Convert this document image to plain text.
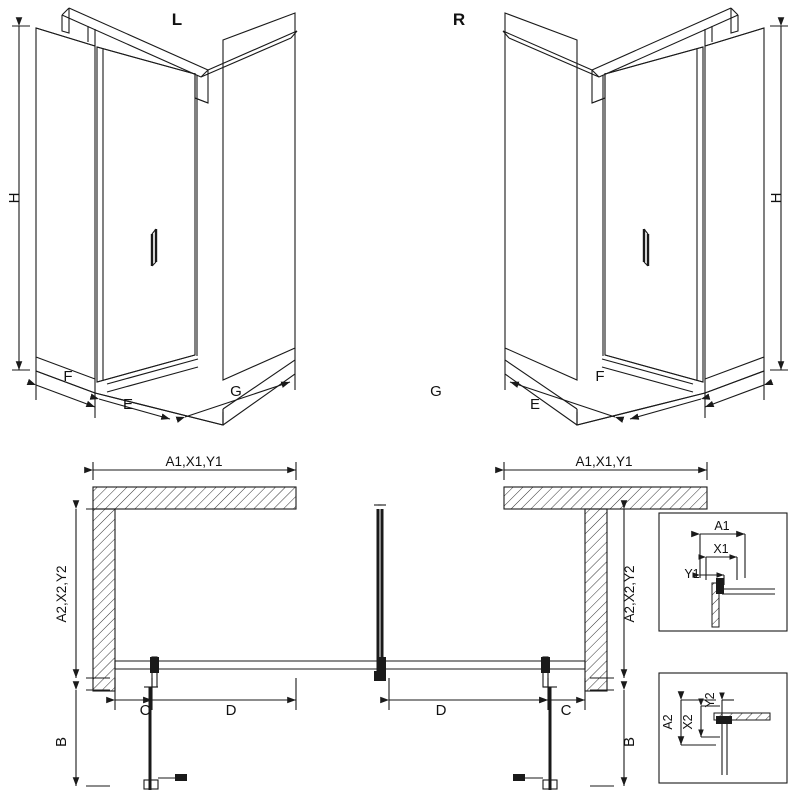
L
H
F
E
G
R
H
G
E
F
A1,X1,Y1
A2,X2,Y2
C	D
B
A1,X1,Y1
A2,X2,Y2
D	C
B
A1
X1
Y1
A2 X2
Y2
